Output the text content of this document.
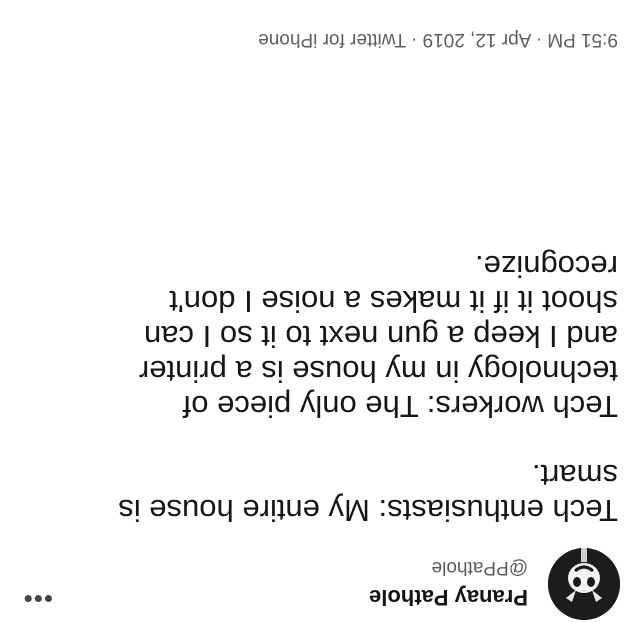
Pranay Pathole
@PPathole
•••

Tech enthusiasts: My entire house is
smart.

Tech workers: The only piece of
technology in my house is a printer
and I keep a gun next to it so I can
shoot it if it makes a noise I don't
recognize.

9:51 PM · Apr 12, 2019 · Twitter for iPhone
